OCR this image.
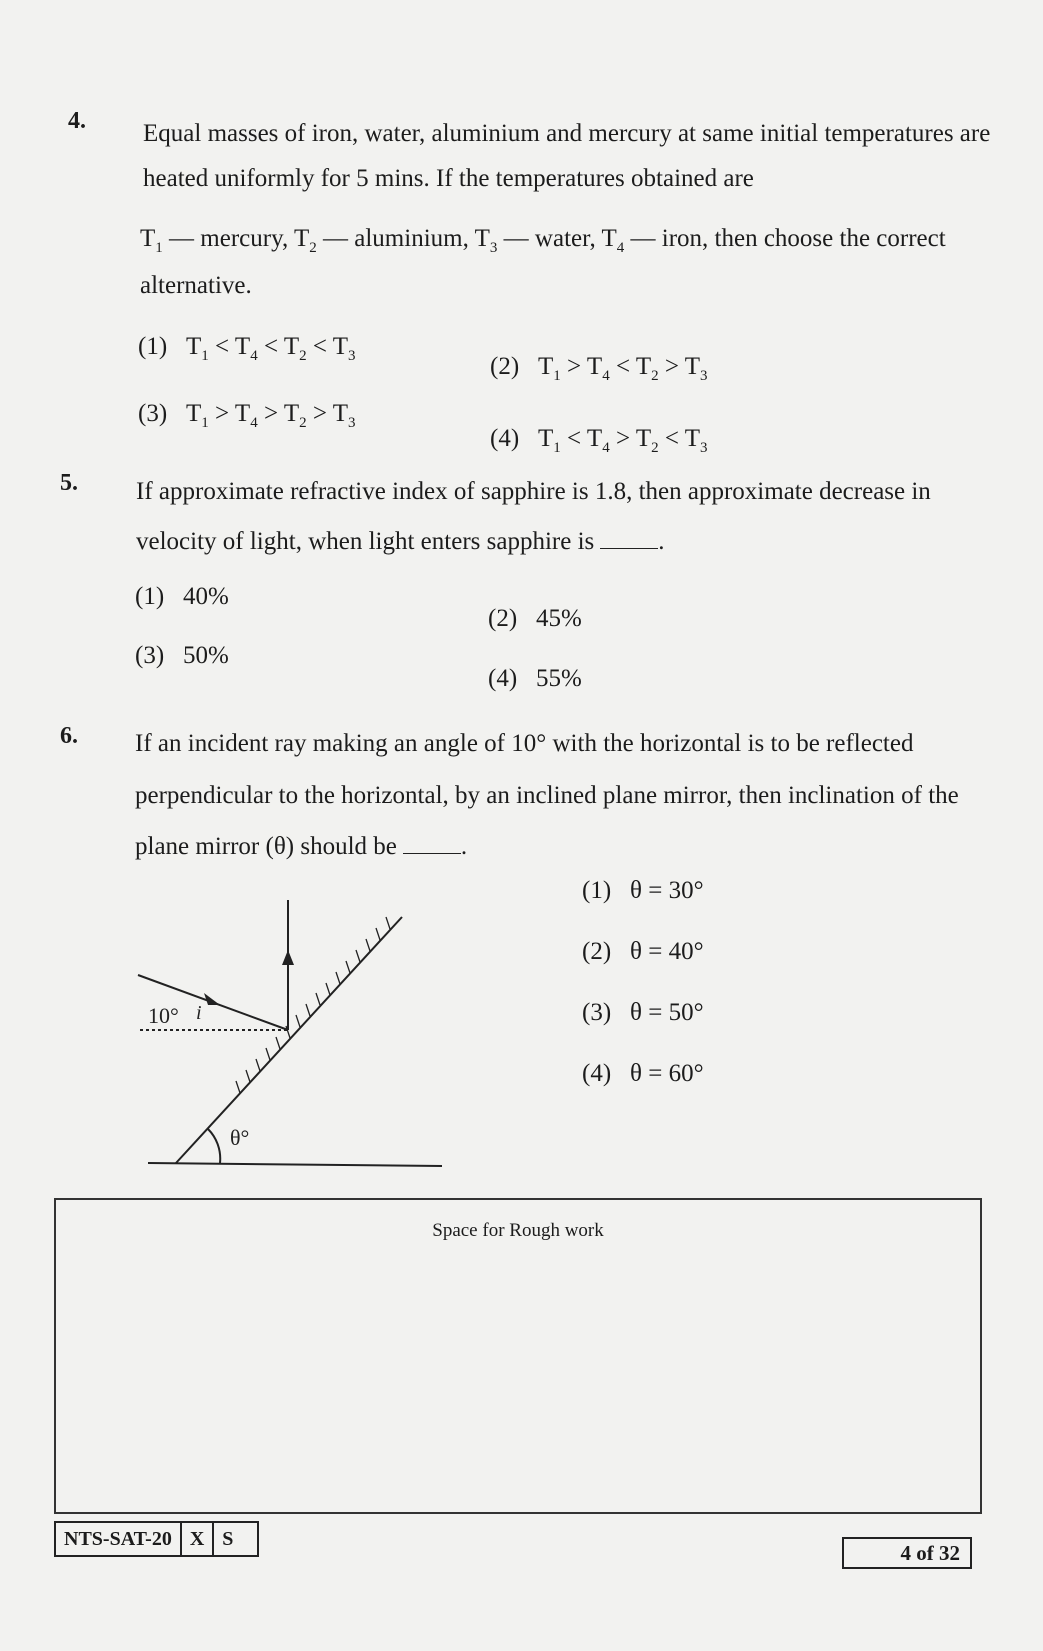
4. Equal masses of iron, water, aluminium and mercury at same initial temperatures are
heated uniformly for 5 mins. If the temperatures obtained are
$T_1$ — mercury, $T_2$ — aluminium, $T_3$ — water, $T_4$ — iron, then choose the correct
alternative.
(1) $T_1 < T_4 < T_2 < T_3$	(2) $T_1 > T_4 < T_2 > T_3$
(3) $T_1 > T_4 > T_2 > T_3$
(4) $T_1 < T_4 > T_2 < T_3$
5. If approximate refractive index of sapphire is 1.8, then approximate decrease in
velocity of light, when light enters sapphire is	.
(1) 40%
(2) 45%
(3) 50%
(4) 55%
6. If an incident ray making an angle of 10° with the horizontal is to be reflected
perpendicular to the horizontal, by an inclined plane mirror, then inclination of the
plane mirror (θ) should be	.
10° i
θ°
(1) θ = 30°
(2) θ = 40°
(3) θ = 50°
(4) θ = 60°
Space for Rough work
NTS-SAT-20 X S
4 of 32
